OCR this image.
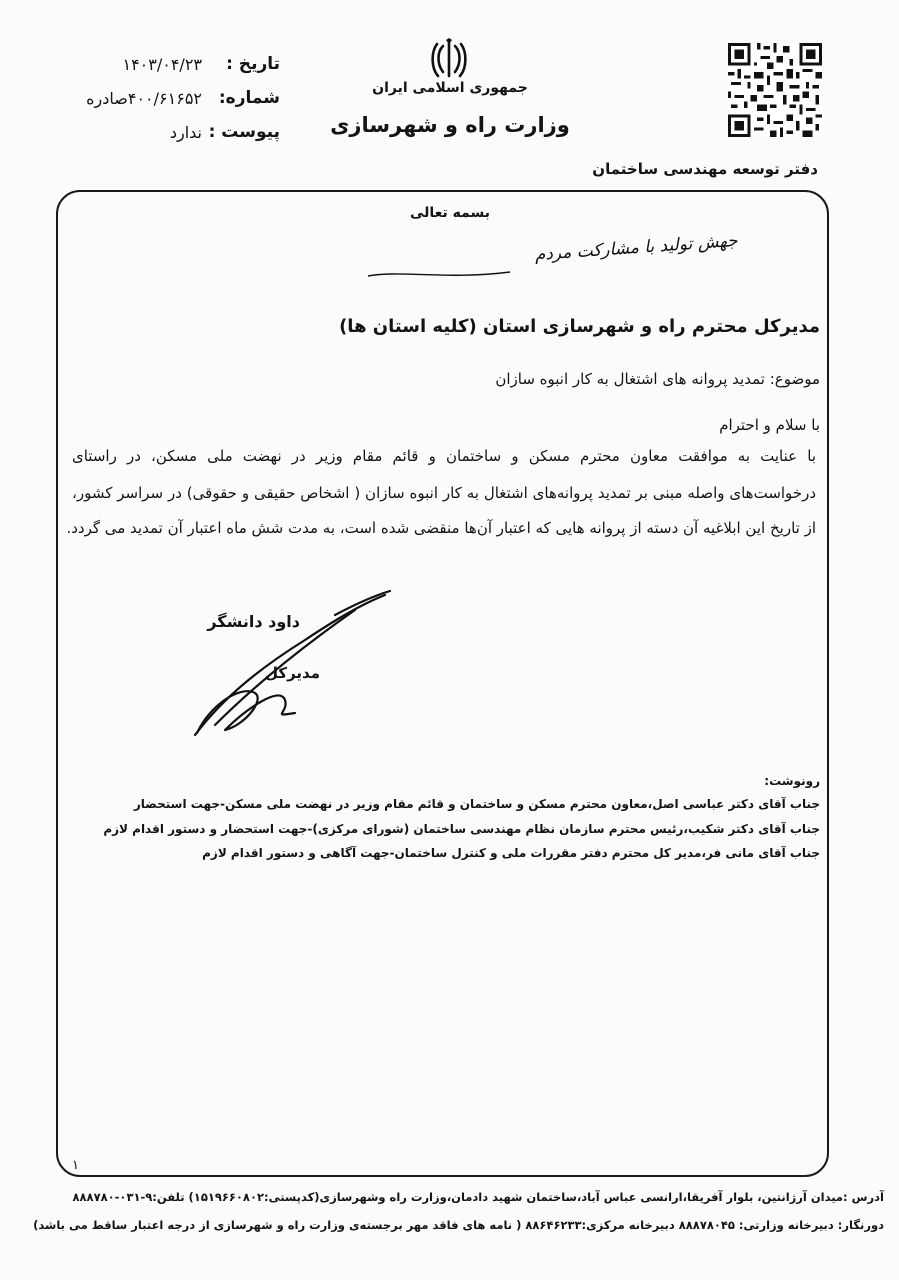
تاریخ :
۱۴۰۳/۰۴/۲۳
شماره:
۴۰۰/۶۱۶۵۲صادره
پیوست :
ندارد
جمهوری اسلامی ایران
وزارت راه و شهرسازی
دفتر توسعه مهندسی ساختمان
بسمه تعالی
جهش تولید با مشارکت مردم
مدیرکل محترم راه و شهرسازی استان (کلیه استان ها)
موضوع: تمدید پروانه های اشتغال به کار انبوه سازان
با سلام و احترام
با عنایت به موافقت معاون محترم مسکن و ساختمان و قائم مقام وزیر در نهضت ملی مسکن، در راستای
درخواست‌های واصله مبنی بر تمدید پروانه‌های اشتغال به کار انبوه سازان ( اشخاص حقیقی و حقوقی) در سراسر کشور،
از تاریخ این ابلاغیه آن دسته از پروانه هایی که اعتبار آن‌ها منقضی شده است، به مدت شش ماه اعتبار آن تمدید می گردد.
داود دانشگر
مدیرکل
رونوشت:
جناب آقای دکتر عباسی اصل،معاون محترم مسکن و ساختمان و قائم مقام وزیر در نهضت ملی مسکن-جهت استحضار
جناب آقای دکتر شکیب،رئیس محترم سازمان نظام مهندسی ساختمان (شورای مرکزی)-جهت استحضار و دستور اقدام لازم
جناب آقای مانی فر،مدیر کل محترم دفتر مقررات ملی و کنترل ساختمان-جهت آگاهی و دستور اقدام لازم
۱
آدرس :میدان آرژانتین، بلوار آفریقا،ارانسی عباس آباد،ساختمان شهید دادمان،وزارت راه وشهرسازی(کدپستی:۱۵۱۹۶۶۰۸۰۲) تلفن:۹-۰۳۱-۸۸۸۷۸۰
دورنگار: دبیرخانه وزارتی: ۸۸۸۷۸۰۴۵ دبیرخانه مرکزی:۸۸۶۴۶۲۳۳ ( نامه های فاقد مهر برجسته‌ی وزارت راه و شهرسازی از درجه اعتبار ساقط می باشد)
